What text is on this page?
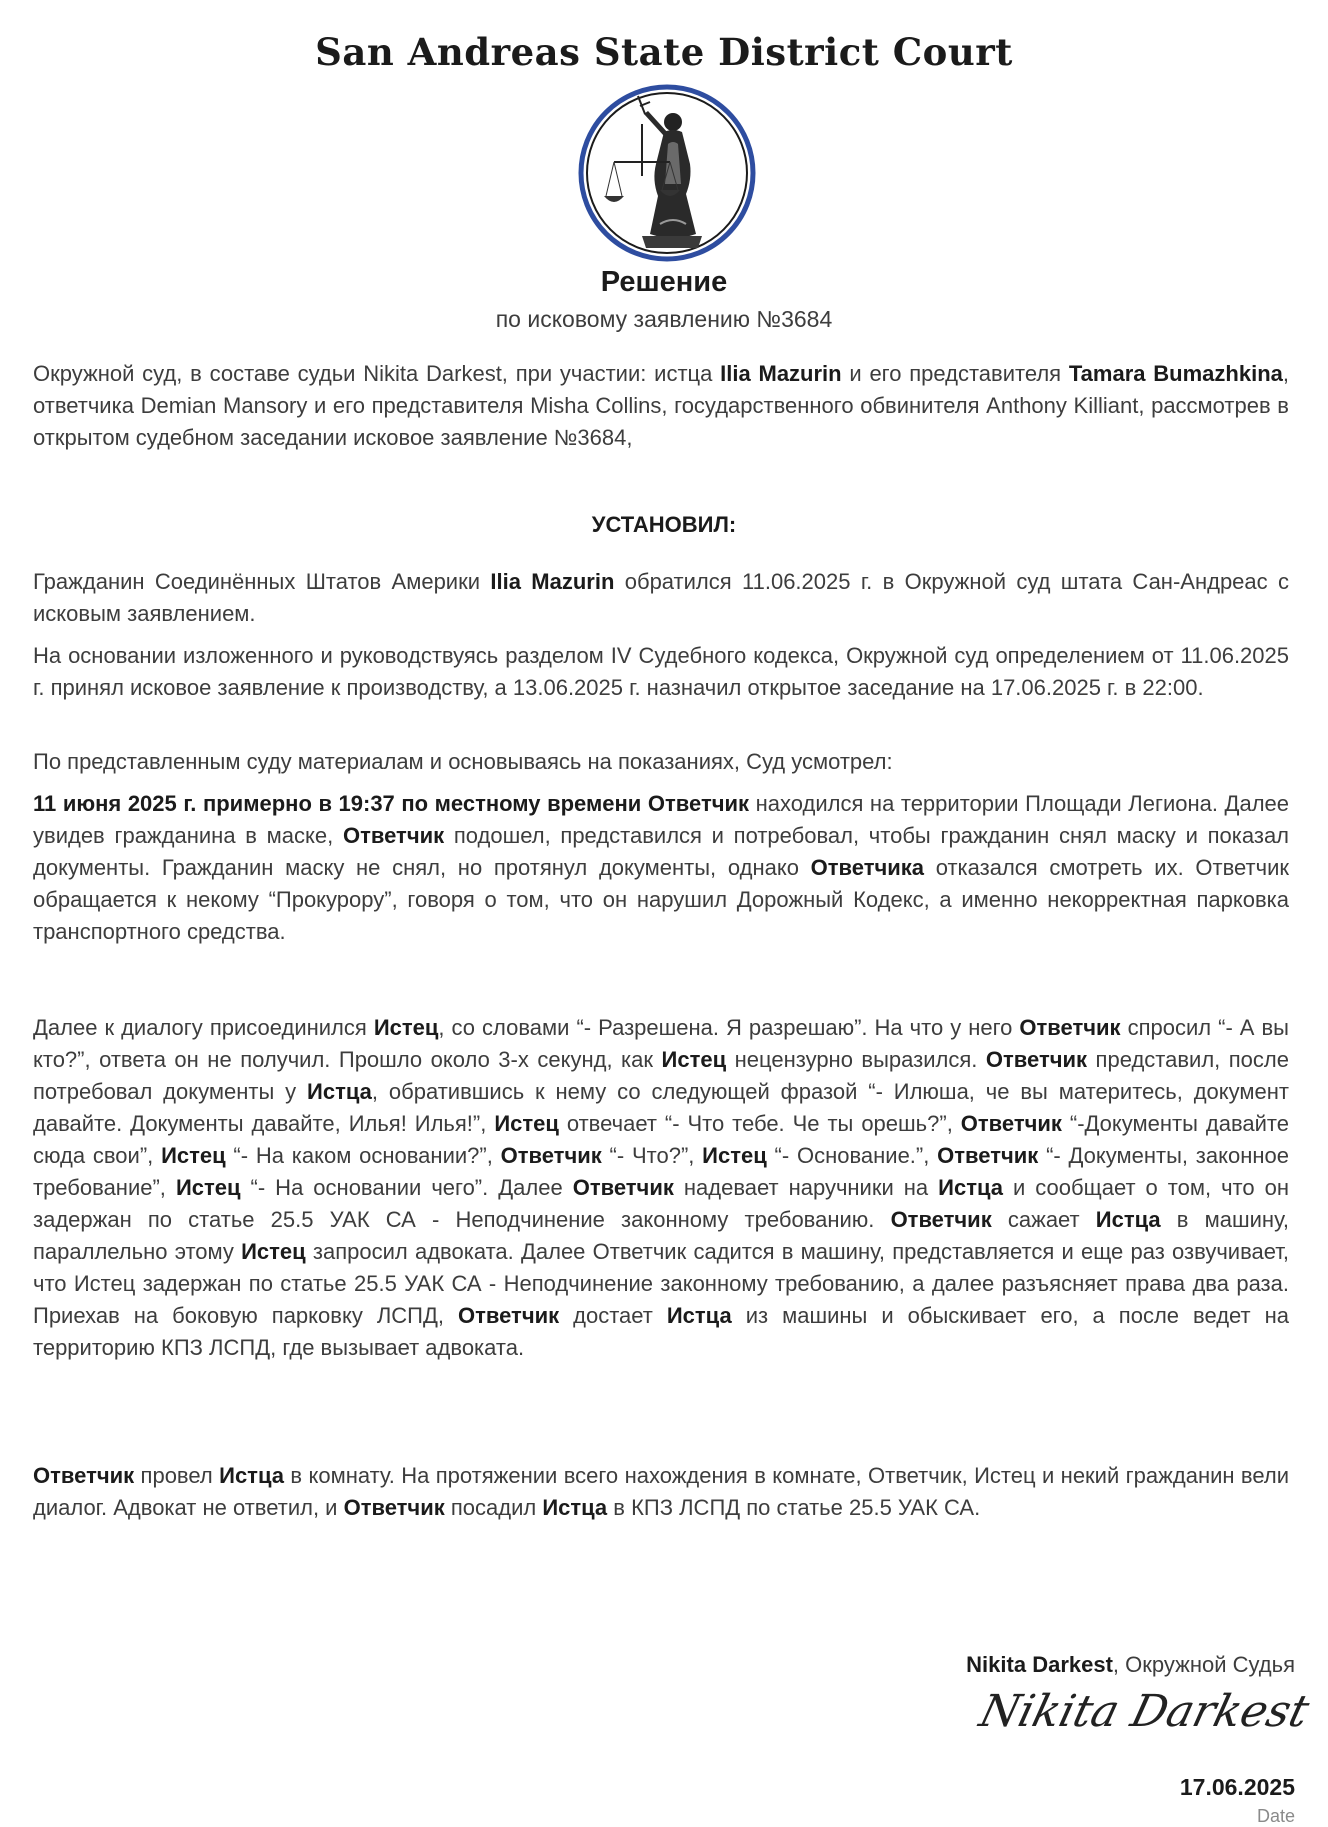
San Andreas State District Court
Решение

по исковому заявлению №3684

Окружной суд, в составе судьи Nikita Darkest, при участии: истца Ilia Mazurin и его представителя Tamara Bumazhkina, ответчика Demian Mansory и его представителя Misha Collins, государственного обвинителя Anthony Killiant, рассмотрев в открытом судебном заседании исковое заявление №3684,

УСТАНОВИЛ:

Гражданин Соединённых Штатов Америки Ilia Mazurin обратился 11.06.2025 г. в Окружной суд штата Сан-Андреас с исковым заявлением.

На основании изложенного и руководствуясь разделом IV Судебного кодекса, Окружной суд определением от 11.06.2025 г. принял исковое заявление к производству, а 13.06.2025 г. назначил открытое заседание на 17.06.2025 г. в 22:00.

По представленным суду материалам и основываясь на показаниях, Суд усмотрел:

11 июня 2025 г. примерно в 19:37 по местному времени Ответчик находился на территории Площади Легиона. Далее увидев гражданина в маске, Ответчик подошел, представился и потребовал, чтобы гражданин снял маску и показал документы. Гражданин маску не снял, но протянул документы, однако Ответчика отказался смотреть их. Ответчик обращается к некому “Прокурору”, говоря о том, что он нарушил Дорожный Кодекс, а именно некорректная парковка транспортного средства.

Далее к диалогу присоединился Истец, со словами “- Разрешена. Я разрешаю”. На что у него Ответчик спросил “- А вы кто?”, ответа он не получил. Прошло около 3-х секунд, как Истец нецензурно выразился. Ответчик представил, после потребовал документы у Истца, обратившись к нему со следующей фразой “- Илюша, че вы материтесь, документ давайте. Документы давайте, Илья! Илья!”, Истец отвечает “- Что тебе. Че ты орешь?”, Ответчик “-Документы давайте сюда свои”, Истец “- На каком основании?”, Ответчик “- Что?”, Истец “- Основание.”, Ответчик “- Документы, законное требование”, Истец “- На основании чего”. Далее Ответчик надевает наручники на Истца и сообщает о том, что он задержан по статье 25.5 УАК СА - Неподчинение законному требованию. Ответчик сажает Истца в машину, параллельно этому Истец запросил адвоката. Далее Ответчик садится в машину, представляется и еще раз озвучивает, что Истец задержан по статье 25.5 УАК СА - Неподчинение законному требованию, а далее разъясняет права два раза. Приехав на боковую парковку ЛСПД, Ответчик достает Истца из машины и обыскивает его, а после ведет на территорию КПЗ ЛСПД, где вызывает адвоката.

Ответчик провел Истца в комнату. На протяжении всего нахождения в комнате, Ответчик, Истец и некий гражданин вели диалог. Адвокат не ответил, и Ответчик посадил Истца в КПЗ ЛСПД по статье 25.5 УАК СА.

Nikita Darkest, Окружной Судья
Nikita Darkest
17.06.2025
Date
